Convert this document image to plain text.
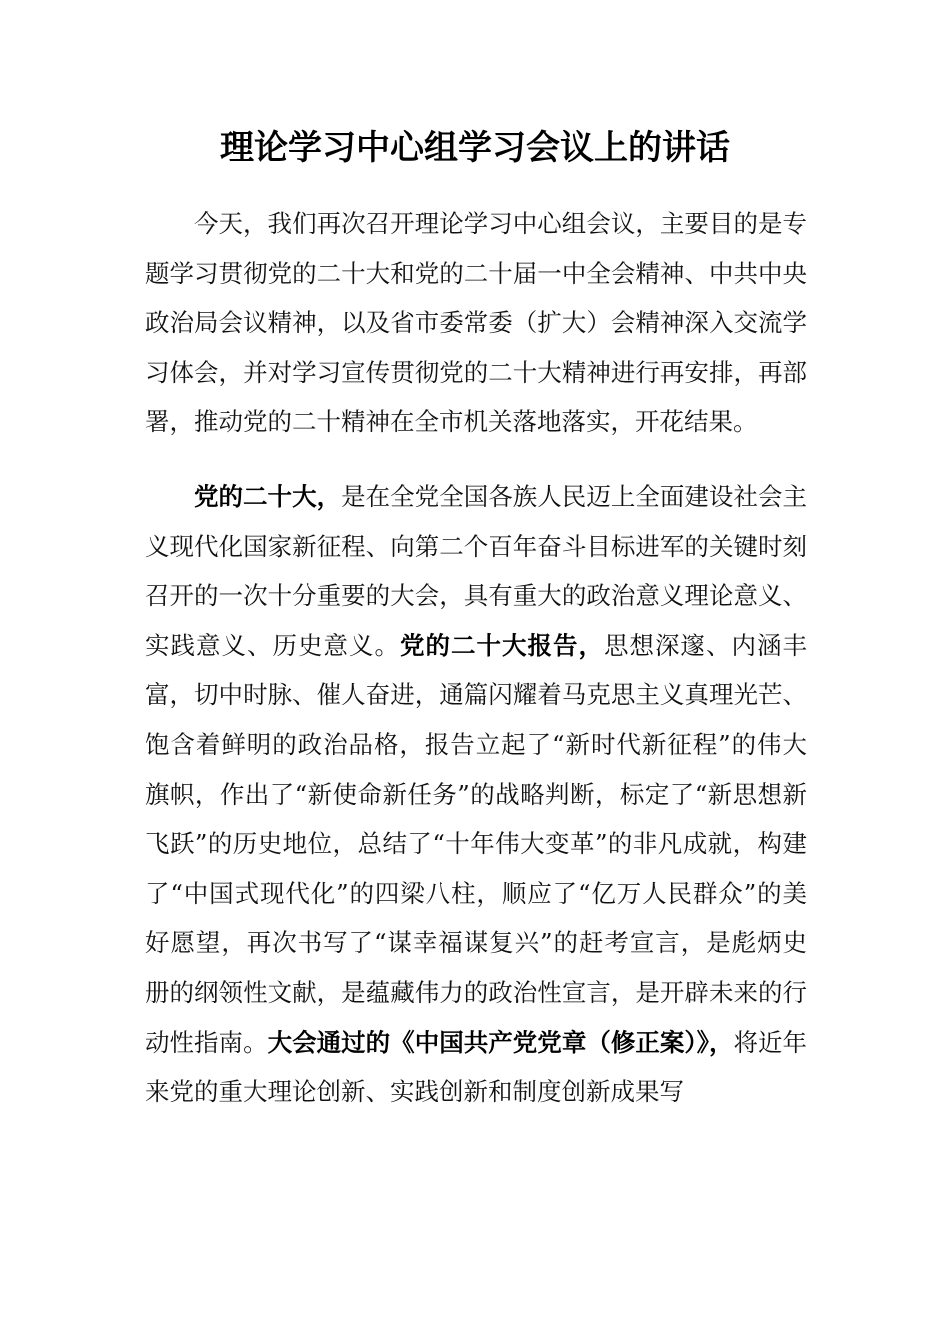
理论学习中心组学习会议上的讲话

今天，我们再次召开理论学习中心组会议，主要目的是专题学习贯彻党的二十大和党的二十届一中全会精神、中共中央政治局会议精神，以及省市委常委（扩大）会精神深入交流学习体会，并对学习宣传贯彻党的二十大精神进行再安排，再部署，推动党的二十精神在全市机关落地落实，开花结果。

党的二十大，是在全党全国各族人民迈上全面建设社会主义现代化国家新征程、向第二个百年奋斗目标进军的关键时刻召开的一次十分重要的大会，具有重大的政治意义理论意义、实践意义、历史意义。党的二十大报告，思想深邃、内涵丰富，切中时脉、催人奋进，通篇闪耀着马克思主义真理光芒、饱含着鲜明的政治品格，报告立起了“新时代新征程”的伟大旗帜，作出了“新使命新任务”的战略判断，标定了“新思想新飞跃”的历史地位，总结了“十年伟大变革”的非凡成就，构建了“中国式现代化”的四梁八柱，顺应了“亿万人民群众”的美好愿望，再次书写了“谋幸福谋复兴”的赶考宣言，是彪炳史册的纲领性文献，是蕴藏伟力的政治性宣言，是开辟未来的行动性指南。大会通过的《中国共产党党章（修正案）》，将近年来党的重大理论创新、实践创新和制度创新成果写
